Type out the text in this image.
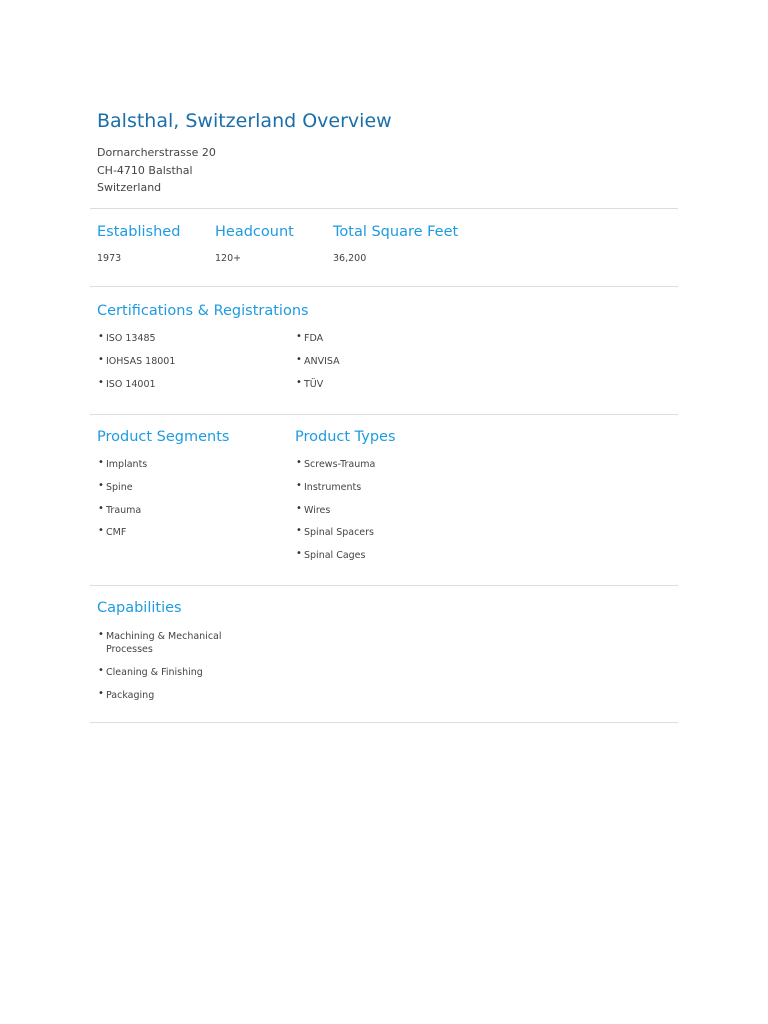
Balsthal, Switzerland Overview
Dornarcherstrasse 20
CH-4710 Balsthal
Switzerland
Established
1973
Headcount
120+
Total Square Feet
36,200
Certifications & Registrations
• ISO 13485
• IOHSAS 18001
• ISO 14001
• FDA
• ANVISA
• TÜV
Product Segments
• Implants
• Spine
• Trauma
• CMF
Product Types
• Screws-Trauma
• Instruments
• Wires
• Spinal Spacers
• Spinal Cages
Capabilities
• Machining & Mechanical Processes
• Cleaning & Finishing
• Packaging
